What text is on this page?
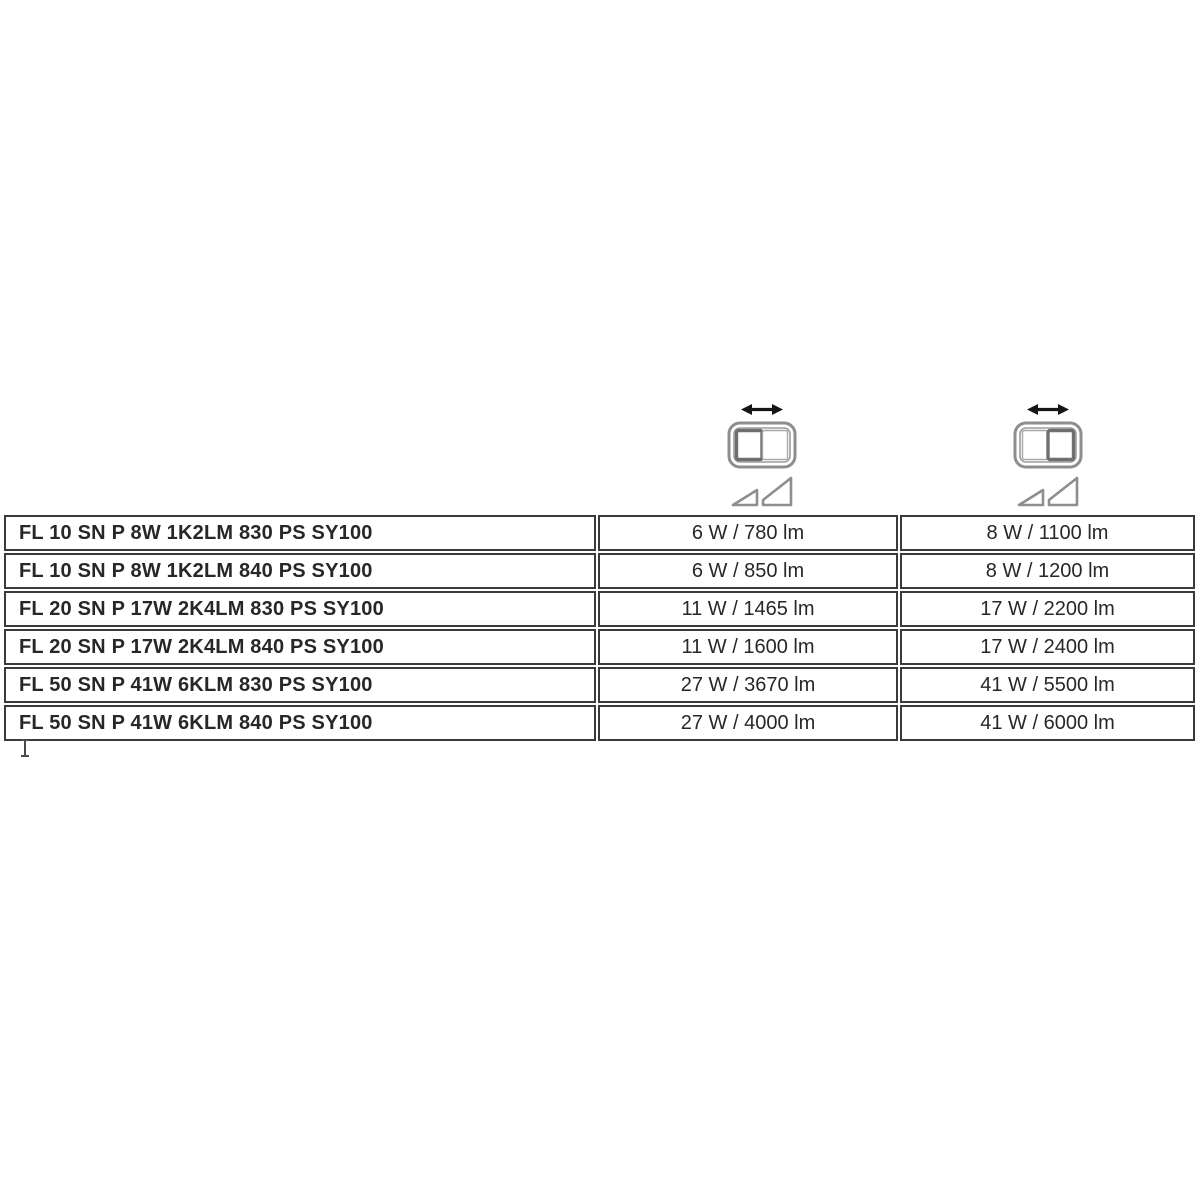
FL 10 SN P 8W 1K2LM 830 PS SY100	6 W / 780 lm	8 W / 1100 lm
FL 10 SN P 8W 1K2LM 840 PS SY100	6 W / 850 lm	8 W / 1200 lm
FL 20 SN P 17W 2K4LM 830 PS SY100	11 W / 1465 lm	17 W / 2200 lm
FL 20 SN P 17W 2K4LM 840 PS SY100	11 W / 1600 lm	17 W / 2400 lm
FL 50 SN P 41W 6KLM 830 PS SY100	27 W / 3670 lm	41 W / 5500 lm
FL 50 SN P 41W 6KLM 840 PS SY100	27 W / 4000 lm	41 W / 6000 lm
